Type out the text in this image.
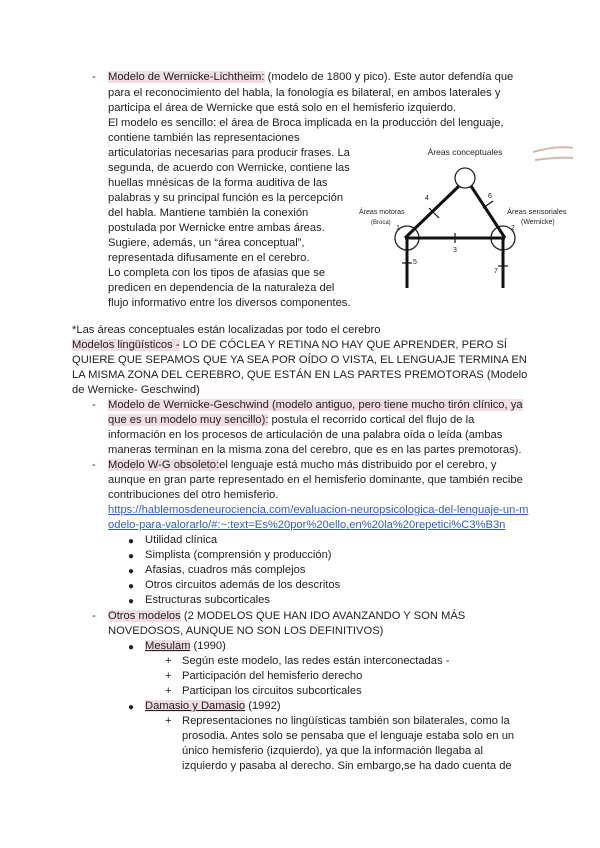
- Modelo de Wernicke-Lichtheim: (modelo de 1800 y pico). Este autor defendía que
para el reconocimiento del habla, la fonología es bilateral, en ambos laterales y
participa el área de Wernicke que está solo en el hemisferio izquierdo.
El modelo es sencillo: el área de Broca implicada en la producción del lenguaje,
contiene también las representaciones
articulatorias necesarias para producir frases. La
segunda, de acuerdo con Wernicke, contiene las
huellas mnésicas de la forma auditiva de las
palabras y su principal función es la percepción
del habla. Mantiene también la conexión
postulada por Wernicke entre ambas áreas.
Sugiere, además, un “área conceptual”,
representada difusamente en el cerebro.
Lo completa con los tipos de afasias que se
predicen en dependencia de la naturaleza del
flujo informativo entre los diversos componentes.
Áreas conceptuales
Áreas motoras
(Broca)
Áreas sensoriales
(Wernicke)
1	2
3
4
5
6
7
*Las áreas conceptuales están localizadas por todo el cerebro
Modelos lingüísticos - LO DE CÓCLEA Y RETINA NO HAY QUE APRENDER, PERO SÍ
QUIERE QUE SEPAMOS QUE YA SEA POR OÍDO O VISTA, EL LENGUAJE TERMINA EN
LA MISMA ZONA DEL CEREBRO, QUE ESTÁN EN LAS PARTES PREMOTORAS (Modelo
de Wernicke- Geschwind)
- Modelo de Wernicke-Geschwind (modelo antiguo, pero tiene mucho tirón clínico, ya
que es un modelo muy sencillo): postula el recorrido cortical del flujo de la
información en los procesos de articulación de una palabra oída o leída (ambas
maneras terminan en la misma zona del cerebro, que es en las partes premotoras).
- Modelo W-G obsoleto:el lenguaje está mucho más distribuido por el cerebro, y
aunque en gran parte representado en el hemisferio dominante, que también recibe
contribuciones del otro hemisferio.
https://hablemosdeneurociencia.com/evaluacion-neuropsicologica-del-lenguaje-un-m
odelo-para-valorarlo/#:~:text=Es%20por%20ello,en%20la%20repetici%C3%B3n
● Utilidad clínica
● Simplista (comprensión y producción)
● Afasias, cuadros más complejos
● Otros circuitos además de los descritos
● Estructuras subcorticales
- Otros modelos (2 MODELOS QUE HAN IDO AVANZANDO Y SON MÁS
NOVEDOSOS, AUNQUE NO SON LOS DEFINITIVOS)
● Mesulam (1990)
+ Según este modelo, las redes están interconectadas -
+ Participación del hemisferio derecho
+ Participan los circuitos subcorticales
● Damasio y Damasio (1992)
+ Representaciones no lingüísticas también son bilaterales, como la
prosodia. Antes solo se pensaba que el lenguaje estaba solo en un
único hemisferio (izquierdo), ya que la información llegaba al
izquierdo y pasaba al derecho. Sin embargo,se ha dado cuenta de
